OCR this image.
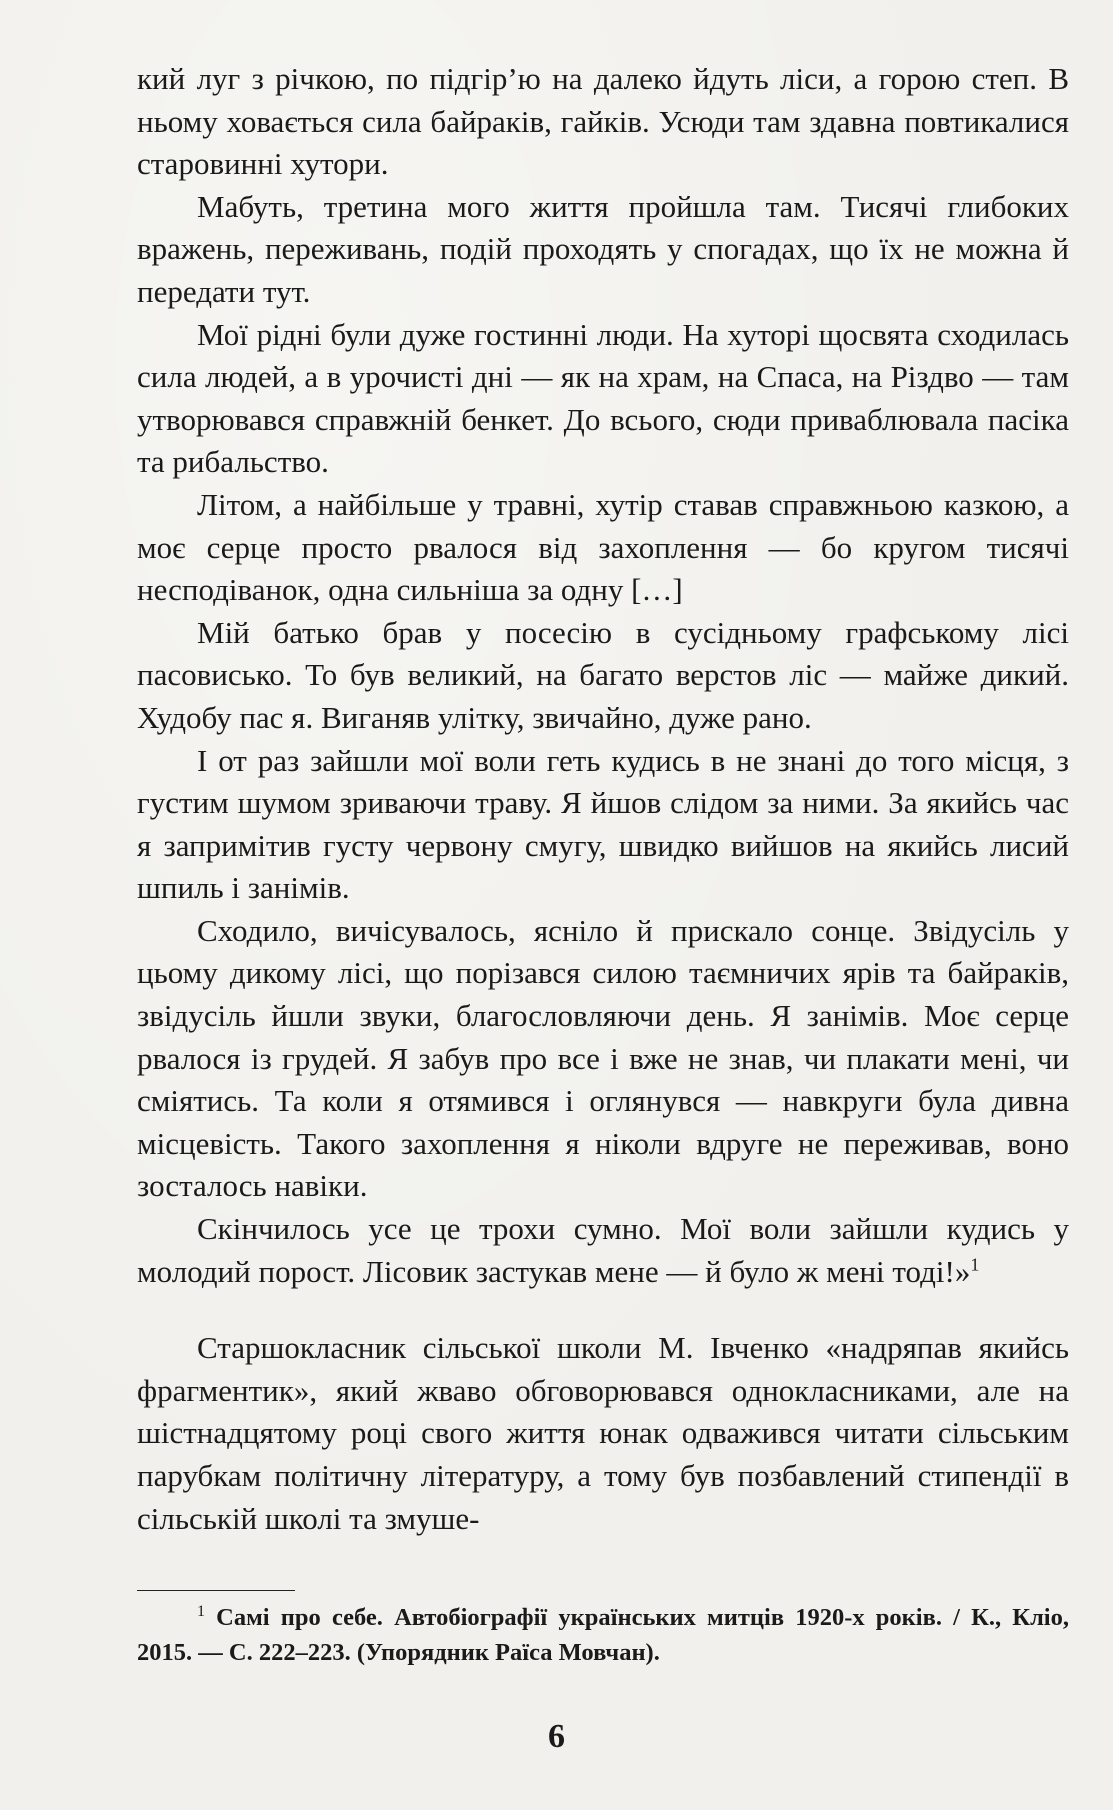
кий луг з річкою, по підгір’ю на далеко йдуть ліси, а горою степ. В ньому ховається сила байраків, гайків. Усюди там здавна повтикалися старовинні хутори.

Мабуть, третина мого життя пройшла там. Тисячі глибоких вражень, переживань, подій проходять у спогадах, що їх не можна й передати тут.

Мої рідні були дуже гостинні люди. На хуторі щосвята сходилась сила людей, а в урочисті дні — як на храм, на Спаса, на Різдво — там утворювався справжній бенкет. До всього, сюди приваблювала пасіка та рибальство.

Літом, а найбільше у травні, хутір ставав справжньою казкою, а моє серце просто рвалося від захоплення — бо кругом тисячі несподіванок, одна сильніша за одну […]

Мій батько брав у посесію в сусідньому графському лісі пасовисько. То був великий, на багато верстов ліс — майже дикий. Худобу пас я. Виганяв улітку, звичайно, дуже рано.

І от раз зайшли мої воли геть кудись в не знані до того місця, з густим шумом зриваючи траву. Я йшов слідом за ними. За якийсь час я запримітив густу червону смугу, швидко вийшов на якийсь лисий шпиль і занімів.

Сходило, вичісувалось, ясніло й прискало сонце. Звідусіль у цьому дикому лісі, що порізався силою таємничих ярів та байраків, звідусіль йшли звуки, благословляючи день. Я занімів. Моє серце рвалося із грудей. Я забув про все і вже не знав, чи плакати мені, чи сміятись. Та коли я отямився і оглянувся — навкруги була дивна місцевість. Такого захоплення я ніколи вдруге не переживав, воно зосталось навіки.

Скінчилось усе це трохи сумно. Мої воли зайшли кудись у молодий порост. Лісовик застукав мене — й було ж мені тоді!»$^1$

Старшокласник сільської школи М. Івченко «надряпав якийсь фрагментик», який жваво обговорювався однокласниками, але на шістнадцятому році свого життя юнак одважився читати сільським парубкам політичну літературу, а тому був позбавлений стипендії в сільській школі та змуше-

$^1$ Самі про себе. Автобіографії українських митців 1920-х років. / К., Кліо, 2015. — С. 222–223. (Упорядник Раїса Мовчан).
6
